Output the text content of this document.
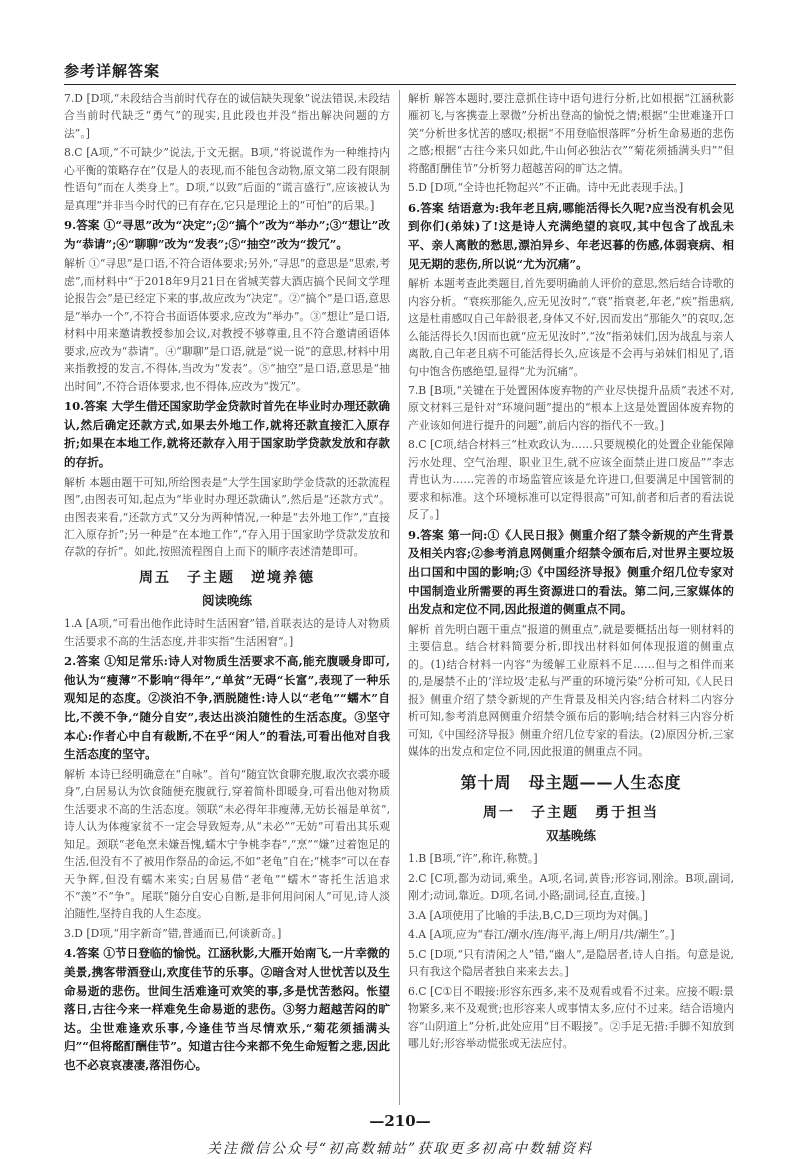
参考详解答案
7.D [D项,“未段结合当前时代存在的诚信缺失现象”说法错误,未段结合当前时代缺乏“勇气”的现实,且此段也并没“指出解决问题的方法”。]
8.C [A项,“不可缺少”说法,于文无据。B项,“将说谎作为一种维持内心平衡的策略存在”仅是人的表现,而不能包含动物,原文第二段有限制性语句“而在人类身上”。D项,“以致”后面的“谎言盛行”,应该被认为是真理“并非当今时代的已有存在,它只是理论上的“可怕”的后果。]
9.答案 ①“寻思”改为“决定”;②“搞个”改为“举办”;③“想让”改为“恭请”;④“聊聊”改为“发表”;⑤“抽空”改为“拨冗”。
解析 ①“寻思”是口语,不符合语体要求;另外,“寻思”的意思是“思索,考虑”,而材料中“于2018年9月21日在省城芙蓉大酒店搞个民间文学理论报告会”是已经定下来的事,故应改为“决定”。②“搞个”是口语,意思是“举办一个”,不符合书面语体要求,应改为“举办”。③“想让”是口语,材料中用来邀请教授参加会议,对教授不够尊重,且不符合邀请函语体要求,应改为“恭请”。④“聊聊”是口语,就是“说一说”的意思,材料中用来指教授的发言,不得体,当改为“发表”。⑤“抽空”是口语,意思是“抽出时间”,不符合语体要求,也不得体,应改为“拨冗”。
10.答案 大学生借还国家助学金贷款时首先在毕业时办理还款确认,然后确定还款方式,如果去外地工作,就将还款直接汇入原存折;如果在本地工作,就将还款存入用于国家助学贷款发放和存款的存折。
解析 本题由题干可知,所给图表是“大学生国家助学金贷款的还款流程图”,由图表可知,起点为“毕业时办理还款确认”,然后是“还款方式”。由图表来看,“还款方式”又分为两种情况,一种是“去外地工作”,“直接汇入原存折”;另一种是“在本地工作”,“存入用于国家助学贷款发放和存款的存折”。如此,按照流程图自上而下的顺序表述清楚即可。
周五　子主题　逆境养德
阅读晚练
1.A [A项,“可看出他作此诗时生活困窘”错,首联表达的是诗人对物质生活要求不高的生活态度,并非实指“生活困窘”。]
2.答案 ①知足常乐:诗人对物质生活要求不高,能充腹暖身即可,他认为“瘦薄”不影响“得年”,“单贫”无碍“长富”,表现了一种乐观知足的态度。②淡泊不争,洒脱随性:诗人以“老龟”“蠕木”自比,不羡不争,“随分自安”,表达出淡泊随性的生活态度。③坚守本心:作者心中自有裁断,不在乎“闲人”的看法,可看出他对自我生活态度的坚守。
解析 本诗已经明确意在“自咏”。首句“随宜饮食聊充腹,取次衣裘亦暖身”,白居易认为饮食随便充腹就行,穿着简朴即暖身,可看出他对物质生活要求不高的生活态度。领联“未必得年非瘦薄,无妨长福是单贫”,诗人认为体瘦家贫不一定会导致短寿,从“未必”“无妨”可看出其乐观知足。颈联“老龟烹未嫌吾愧,蠕木宁争桃李春”,“烹”“嫌”过着饱足的生活,但没有不了被用作祭品的命运,不如“老龟”自在;“桃李”可以在春天争辉,但没有蠕木来实;白居易借“老龟”“蠕木”寄托生活追求不“羡”不“争”。尾联“随分自安心自断,是非何用问闲人”可见,诗人淡泊随性,坚持自我的人生态度。
3.D [D项,“用字新奇”错,普通而已,何谈新奇。]
4.答案 ①节日登临的愉悦。江涵秋影,大雁开始南飞,一片幸微的美景,携客带酒登山,欢度佳节的乐事。②暗含对人世忧苦以及生命易逝的悲伤。世间生活难逢可欢笑的事,多是忧苦愁闷。怅望落日,古往今来一样难免生命易逝的悲伤。③努力超越苦闷的旷达。尘世难逢欢乐事,今逢佳节当尽情欢乐,“菊花须插满头归”“但将酩酊酬佳节”。知道古往今来都不免生命短暂之悲,因此也不必哀哀凄凄,落泪伤心。
解析 解答本题时,要注意抓住诗中语句进行分析,比如根据“江涵秋影雁初飞,与客携壶上翠微”分析出登高的愉悦之情;根据“尘世难逢开口笑”分析世多忧苦的感叹;根据“不用登临恨落晖”分析生命易逝的悲伤之感;根据“古往今来只如此,牛山何必独沾衣”“菊花须插满头归”“但将酩酊酬佳节”分析努力超越苦闷的旷达之情。
5.D [D项,“全诗也托物起兴”不正确。诗中无此表现手法。]
6.答案 结语意为:我年老且病,哪能活得长久呢?应当没有机会见到你们(弟妹)了!这是诗人充满绝望的哀叹,其中包含了战乱未平、亲人离散的愁思,漂泊异乡、年老迟暮的伤感,体弱衰病、相见无期的悲伤,所以说“尤为沉痛”。
解析 本题考查此类题目,首先要明确前人评价的意思,然后结合诗歌的内容分析。“衰疾那能久,应无见汝时”,“衰”指衰老,年老,“疾”指患病,这是杜甫感叹自己年龄很老,身体又不好,因而发出“那能久”的哀叹,怎么能活得长久!因而也就“应无见汝时”,“汝”指弟妹们,因为战乱与亲人离散,自己年老且病不可能活得长久,应该是不会再与弟妹们相见了,语句中饱含伤感绝望,显得“尤为沉痛”。
7.B [B项,“关键在于处置困体废弃物的产业尽快提升品质”表述不对,原文材料三是针对“环境问题”提出的“根本上这是处置固体废弃物的产业该如何进行提升的问题”,前后内容的指代不一致。]
8.C [C项,结合材料三“杜欢政认为……只要规模化的处置企业能保障污水处理、空气治理、职业卫生,就不应该全面禁止进口废品”“李志青也认为……完善的市场监管应该是允许进口,但要满足中国管制的要求和标准。这个环境标准可以定得很高”可知,前者和后者的看法说反了。]
9.答案 第一问:①《人民日报》侧重介绍了禁令新规的产生背景及相关内容;②参考消息网侧重介绍禁令颁布后,对世界主要垃圾出口国和中国的影响;③《中国经济导报》侧重介绍几位专家对中国制造业所需要的再生资源进口的看法。第二问,三家媒体的出发点和定位不同,因此报道的侧重点不同。
解析 首先明白题干重点“报道的侧重点”,就是要概括出每一则材料的主要信息。结合材料简要分析,即找出材料如何体现报道的侧重点的。(1)结合材料一内容“为缓解工业原料不足……但与之相伴而来的,是屡禁不止的‘洋垃圾’走私与严重的环境污染”分析可知,《人民日报》侧重介绍了禁令新规的产生背景及相关内容;结合材料二内容分析可知,参考消息网侧重介绍禁令颁布后的影响;结合材料三内容分析可知,《中国经济导报》侧重介绍几位专家的看法。(2)原因分析,三家媒体的出发点和定位不同,因此报道的侧重点不同。
第十周　母主题——人生态度
周一　子主题　勇于担当
双基晚练
1.B [B项,“许”,称许,称赞。]
2.C [C项,都为动词,乘坐。A项,名词,黄昏;形容词,刚涂。B项,副词,刚才;动词,靠近。D项,名词,小路;副词,径直,直接。]
3.A [A项使用了比喻的手法,B,C,D三项均为对偶。]
4.A [A项,应为“春江/潮水/连/海平,海上/明月/共/潮生”。]
5.C [D项,“只有清闲之人”错,“幽人”,是隐居者,诗人自指。句意是说,只有我这个隐居者独自来来去去。]
6.C [C①目不暇接:形容东西多,来不及观看或看不过来。应接不暇:景物繁多,来不及观赏;也形容来人或事情太多,应付不过来。结合语境内容“山阴道上”分析,此处应用“目不暇接”。②手足无措:手脚不知放到哪儿好;形容举动慌张或无法应付。
—210—
关注微信公众号“初高数辅站”获取更多初高中数辅资料
